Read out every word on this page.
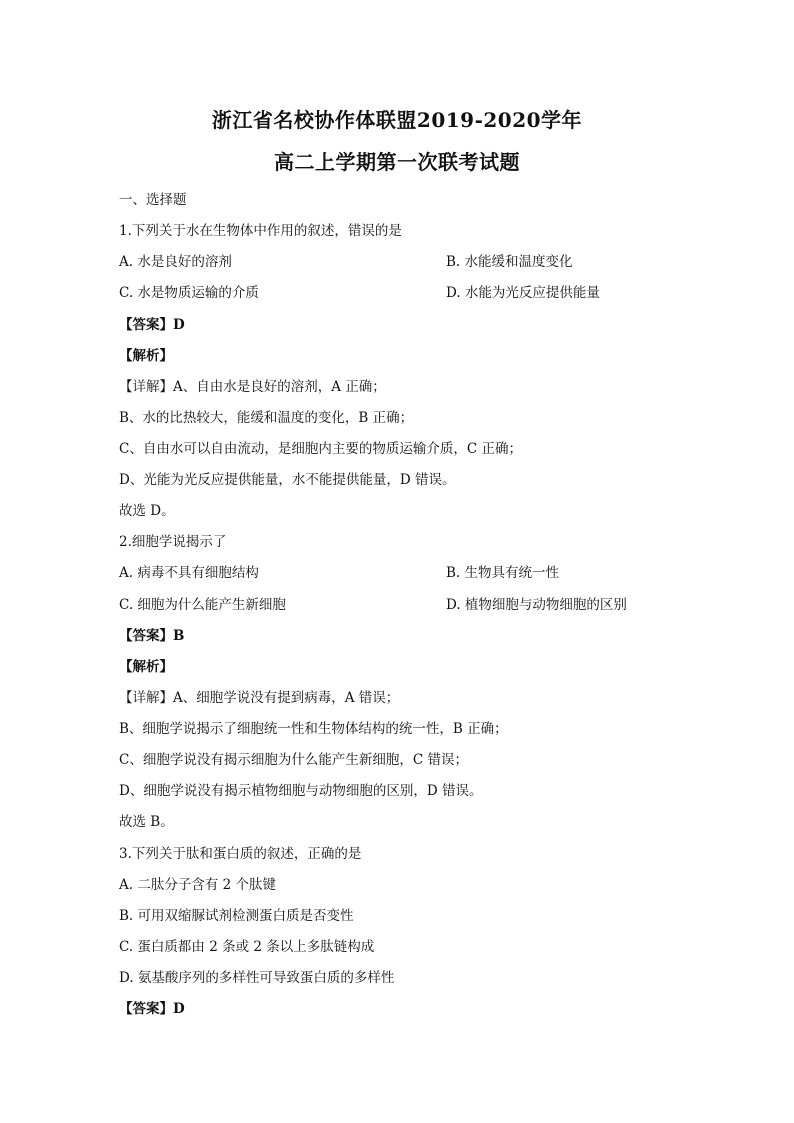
浙江省名校协作体联盟2019-2020学年
高二上学期第一次联考试题
一、选择题
1.下列关于水在生物体中作用的叙述，错误的是
A. 水是良好的溶剂	B. 水能缓和温度变化
C. 水是物质运输的介质	D. 水能为光反应提供能量
【答案】D
【解析】
【详解】A、自由水是良好的溶剂，A 正确；
B、水的比热较大，能缓和温度的变化，B 正确；
C、自由水可以自由流动，是细胞内主要的物质运输介质，C 正确；
D、光能为光反应提供能量，水不能提供能量，D 错误。
故选 D。
2.细胞学说揭示了
A. 病毒不具有细胞结构	B. 生物具有统一性
C. 细胞为什么能产生新细胞	D. 植物细胞与动物细胞的区别
【答案】B
【解析】
【详解】A、细胞学说没有提到病毒，A 错误；
B、细胞学说揭示了细胞统一性和生物体结构的统一性，B 正确；
C、细胞学说没有揭示细胞为什么能产生新细胞，C 错误；
D、细胞学说没有揭示植物细胞与动物细胞的区别，D 错误。
故选 B。
3.下列关于肽和蛋白质的叙述，正确的是
A. 二肽分子含有 2 个肽键
B. 可用双缩脲试剂检测蛋白质是否变性
C. 蛋白质都由 2 条或 2 条以上多肽链构成
D. 氨基酸序列的多样性可导致蛋白质的多样性
【答案】D
